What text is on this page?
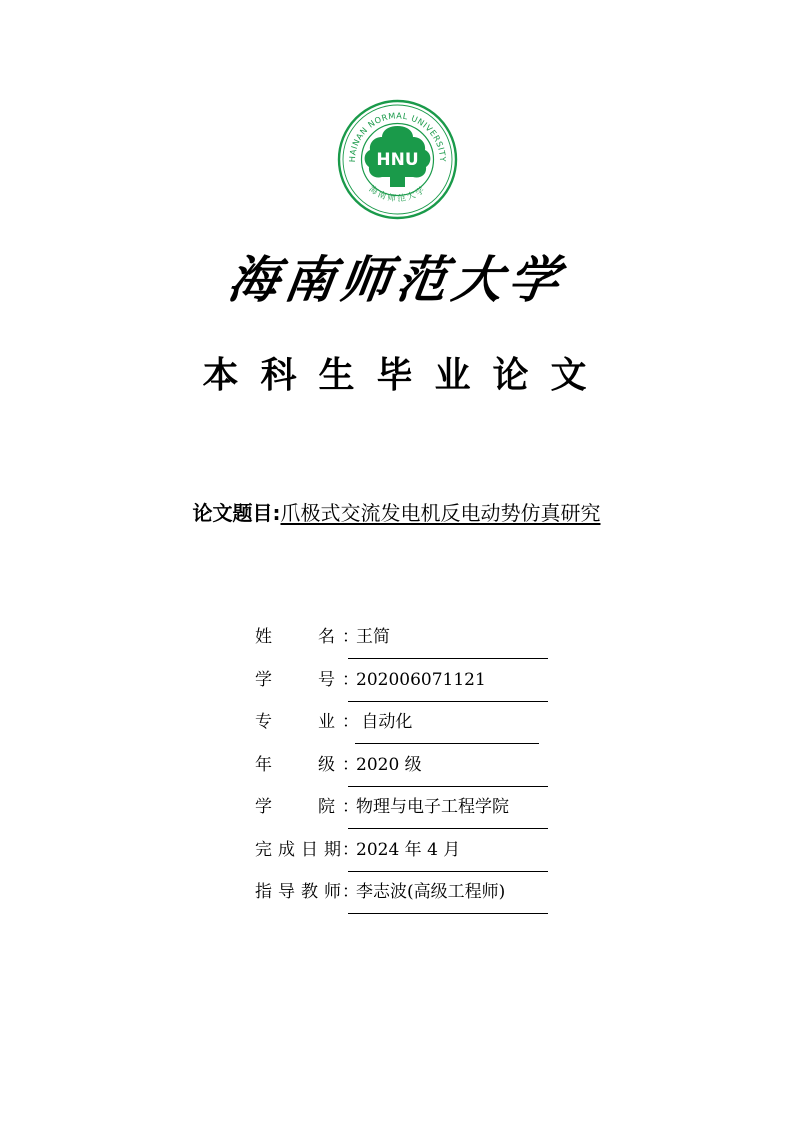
HAINAN NORMAL UNIVERSITY
海南师范大学
HNU
海南师范大学
本科生毕业论文
论文题目:爪极式交流发电机反电动势仿真研究
姓	名 ：
王简
学	号 ：
202006071121
专	业 ：
自动化
年	级 ：
2020 级
学	院 ：
物理与电子工程学院
完 成 日 期 ：
2024 年 4 月
指 导 教 师 ：
李志波(高级工程师)
